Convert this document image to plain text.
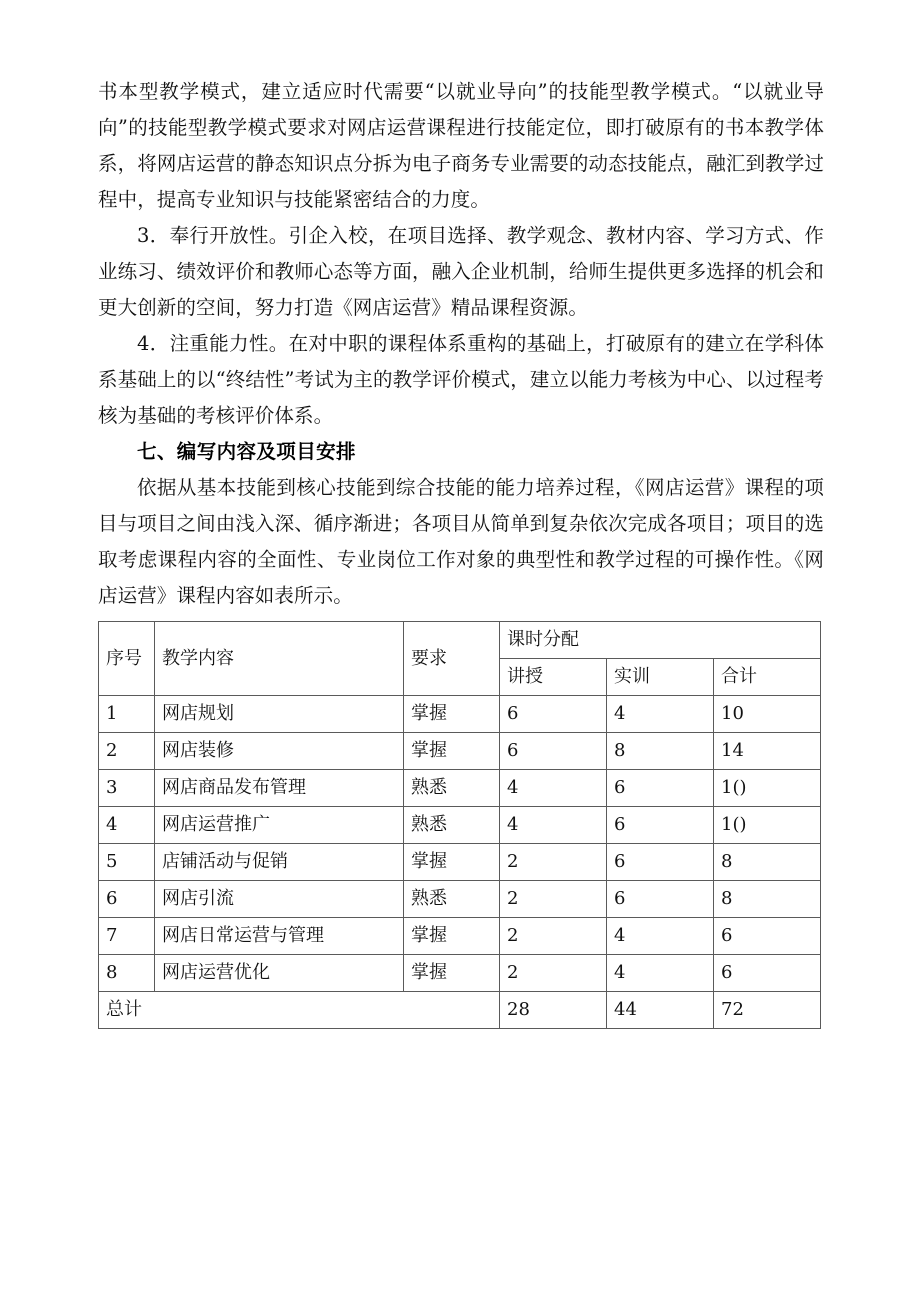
书本型教学模式，建立适应时代需要“以就业导向”的技能型教学模式。“以就业导向”的技能型教学模式要求对网店运营课程进行技能定位，即打破原有的书本教学体系，将网店运营的静态知识点分拆为电子商务专业需要的动态技能点，融汇到教学过程中，提高专业知识与技能紧密结合的力度。

3．奉行开放性。引企入校，在项目选择、教学观念、教材内容、学习方式、作业练习、绩效评价和教师心态等方面，融入企业机制，给师生提供更多选择的机会和更大创新的空间，努力打造《网店运营》精品课程资源。

4．注重能力性。在对中职的课程体系重构的基础上，打破原有的建立在学科体系基础上的以“终结性”考试为主的教学评价模式，建立以能力考核为中心、以过程考核为基础的考核评价体系。

七、编写内容及项目安排

依据从基本技能到核心技能到综合技能的能力培养过程，《网店运营》课程的项目与项目之间由浅入深、循序渐进；各项目从简单到复杂依次完成各项目；项目的选取考虑课程内容的全面性、专业岗位工作对象的典型性和教学过程的可操作性。《网店运营》课程内容如表所示。

序号	教学内容	要求	课时分配		
			讲授	实训	合计
1	网店规划	掌握	6	4	10
2	网店装修	掌握	6	8	14
3	网店商品发布管理	熟悉	4	6	1()
4	网店运营推广	熟悉	4	6	1()
5	店铺活动与促销	掌握	2	6	8
6	网店引流	熟悉	2	6	8
7	网店日常运营与管理	掌握	2	4	6
8	网店运营优化	掌握	2	4	6
总计			28	44	72
